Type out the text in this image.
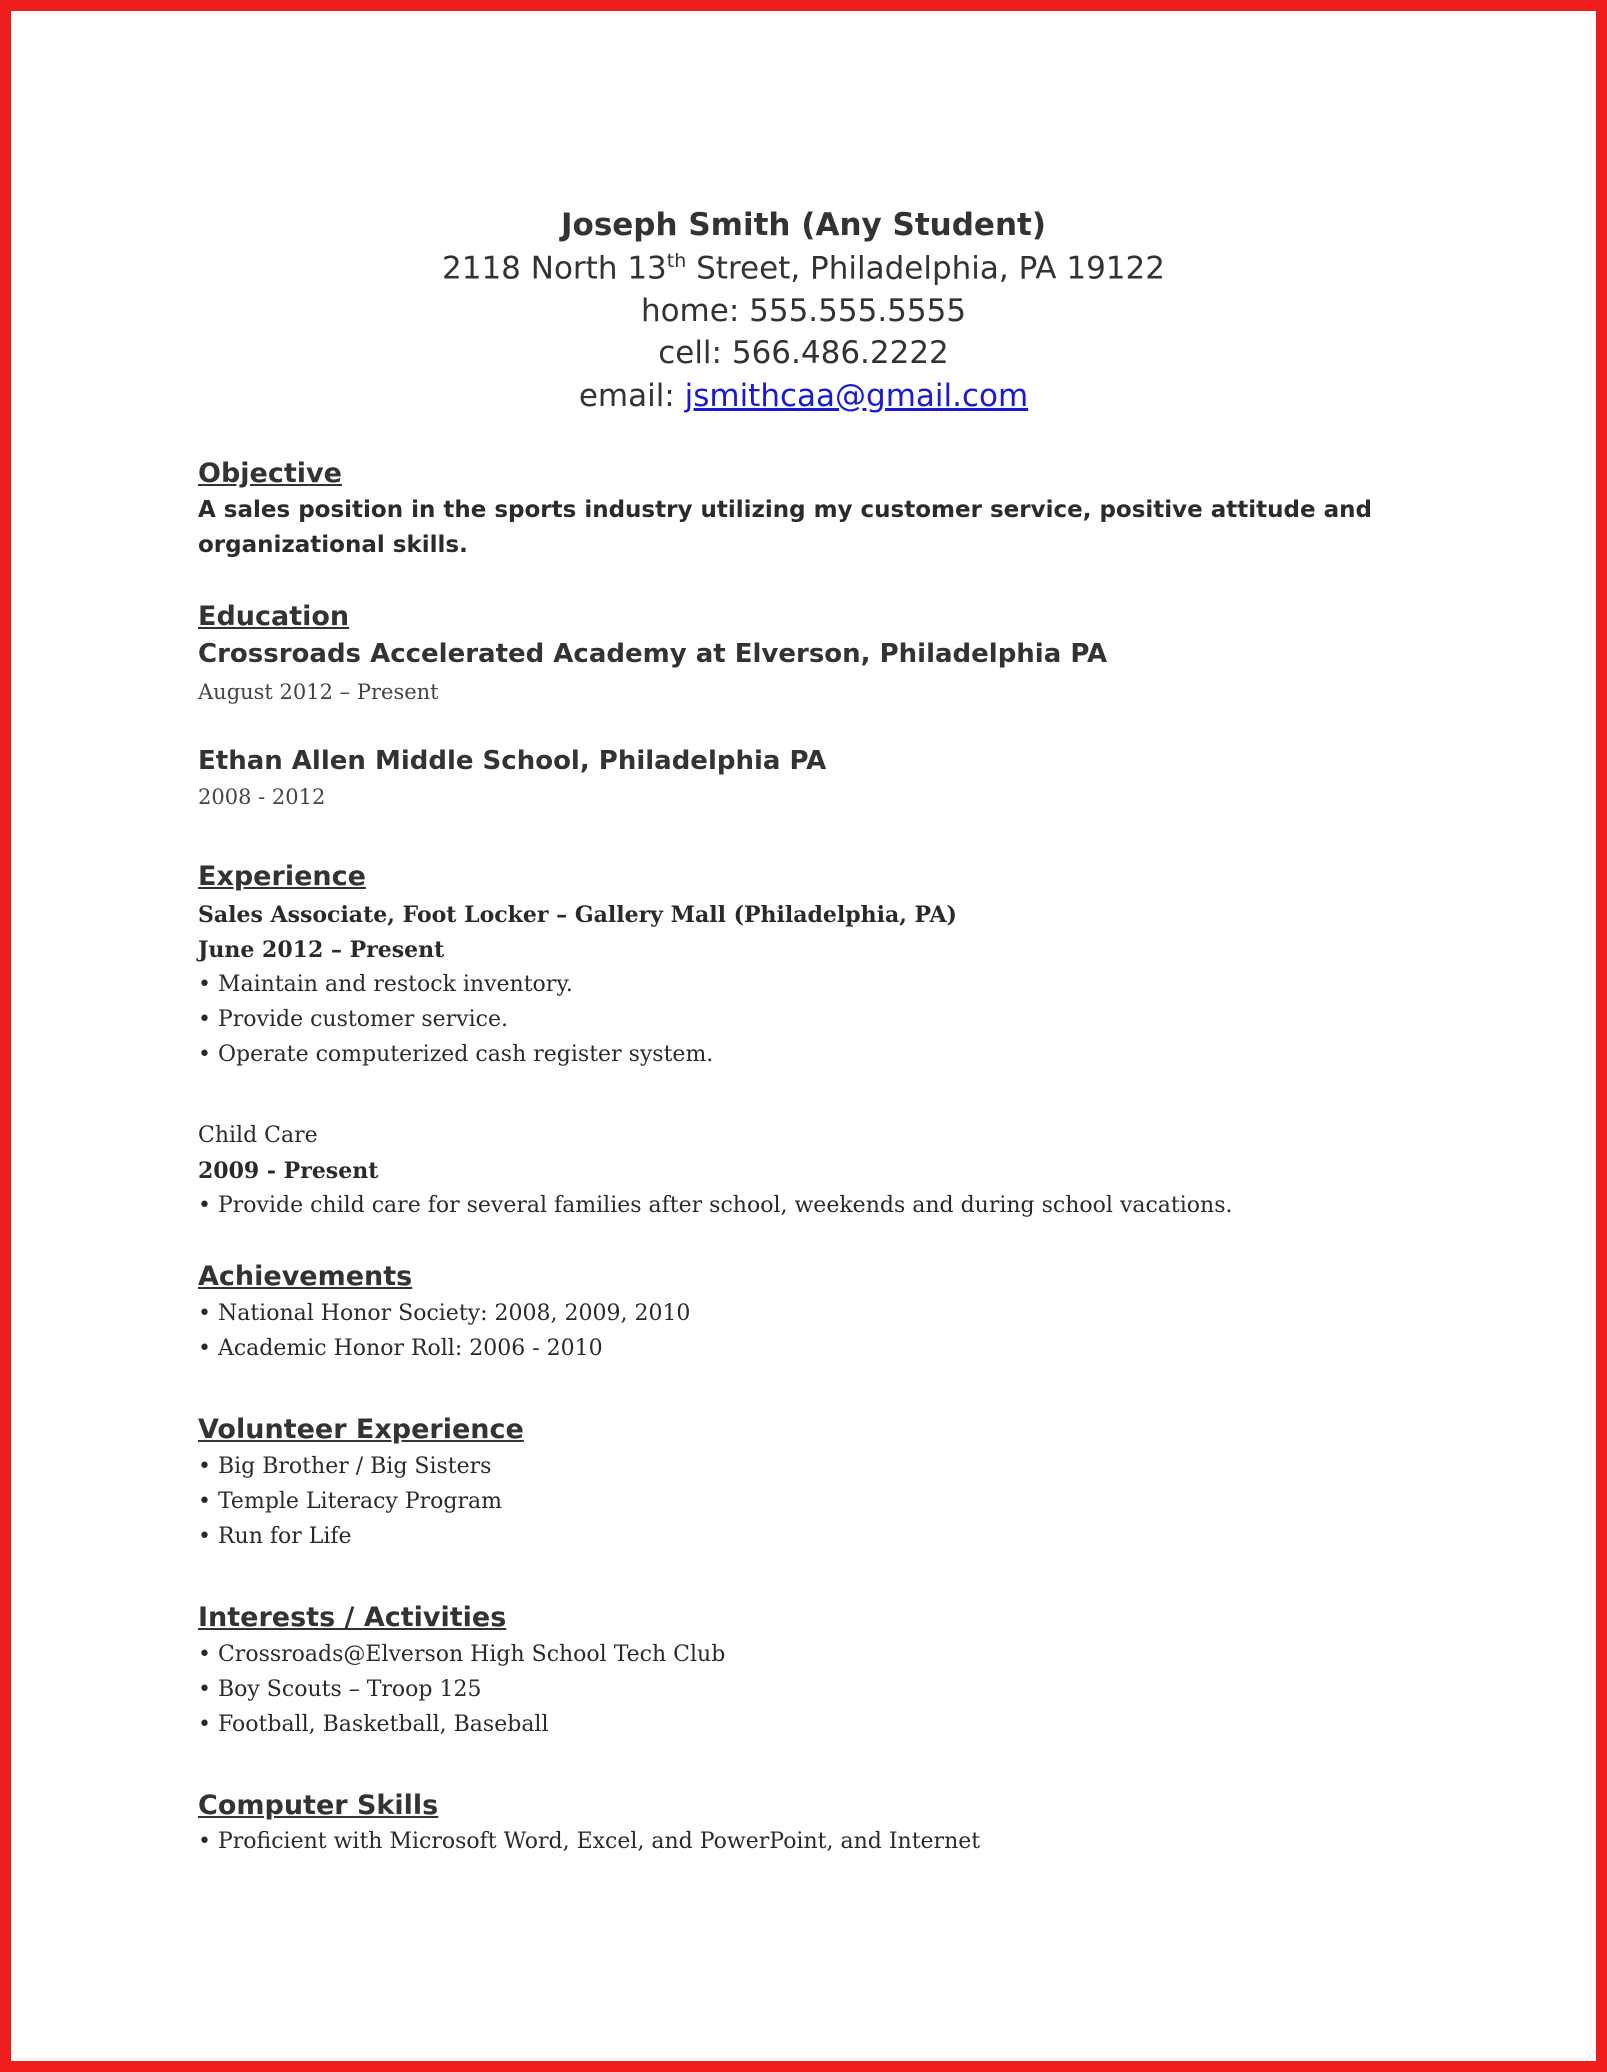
Joseph Smith (Any Student)
2118 North 13th Street, Philadelphia, PA 19122
home: 555.555.5555
cell: 566.486.2222
email: jsmithcaa@gmail.com
Objective
A sales position in the sports industry utilizing my customer service, positive attitude and
organizational skills.
Education
Crossroads Accelerated Academy at Elverson, Philadelphia PA
August 2012 – Present
Ethan Allen Middle School, Philadelphia PA
2008 - 2012
Experience
Sales Associate, Foot Locker – Gallery Mall (Philadelphia, PA)
June 2012 – Present
• Maintain and restock inventory.
• Provide customer service.
• Operate computerized cash register system.
Child Care
2009 - Present
• Provide child care for several families after school, weekends and during school vacations.
Achievements
• National Honor Society: 2008, 2009, 2010
• Academic Honor Roll: 2006 - 2010
Volunteer Experience
• Big Brother / Big Sisters
• Temple Literacy Program
• Run for Life
Interests / Activities
• Crossroads@Elverson High School Tech Club
• Boy Scouts – Troop 125
• Football, Basketball, Baseball
Computer Skills
• Proficient with Microsoft Word, Excel, and PowerPoint, and Internet
